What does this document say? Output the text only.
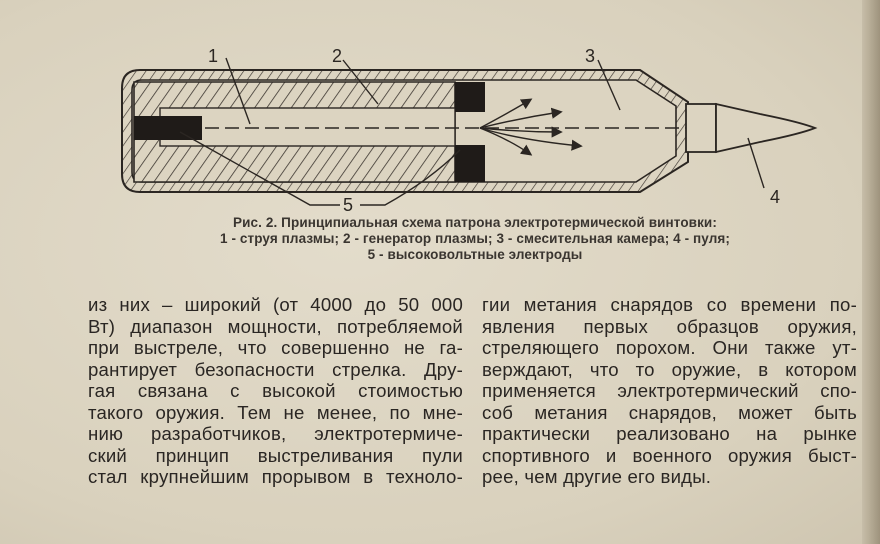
1	2	3
4
5
Рис. 2. Принципиальная схема патрона электротермической винтовки:
1 - струя плазмы; 2 - генератор плазмы; 3 - смесительная камера; 4 - пуля;
5 - высоковольтные электроды
из них – широкий (от 4000 до 50 000
Вт) диапазон мощности, потребляемой
при выстреле, что совершенно не га-
рантирует безопасности стрелка. Дру-
гая связана с высокой стоимостью
такого оружия. Тем не менее, по мне-
нию разработчиков, электротермиче-
ский принцип выстреливания пули
стал крупнейшим прорывом в техноло-
гии метания снарядов со времени по-
явления первых образцов оружия,
стреляющего порохом. Они также ут-
верждают, что то оружие, в котором
применяется электротермический спо-
соб метания снарядов, может быть
практически реализовано на рынке
спортивного и военного оружия быст-
рее, чем другие его виды.
